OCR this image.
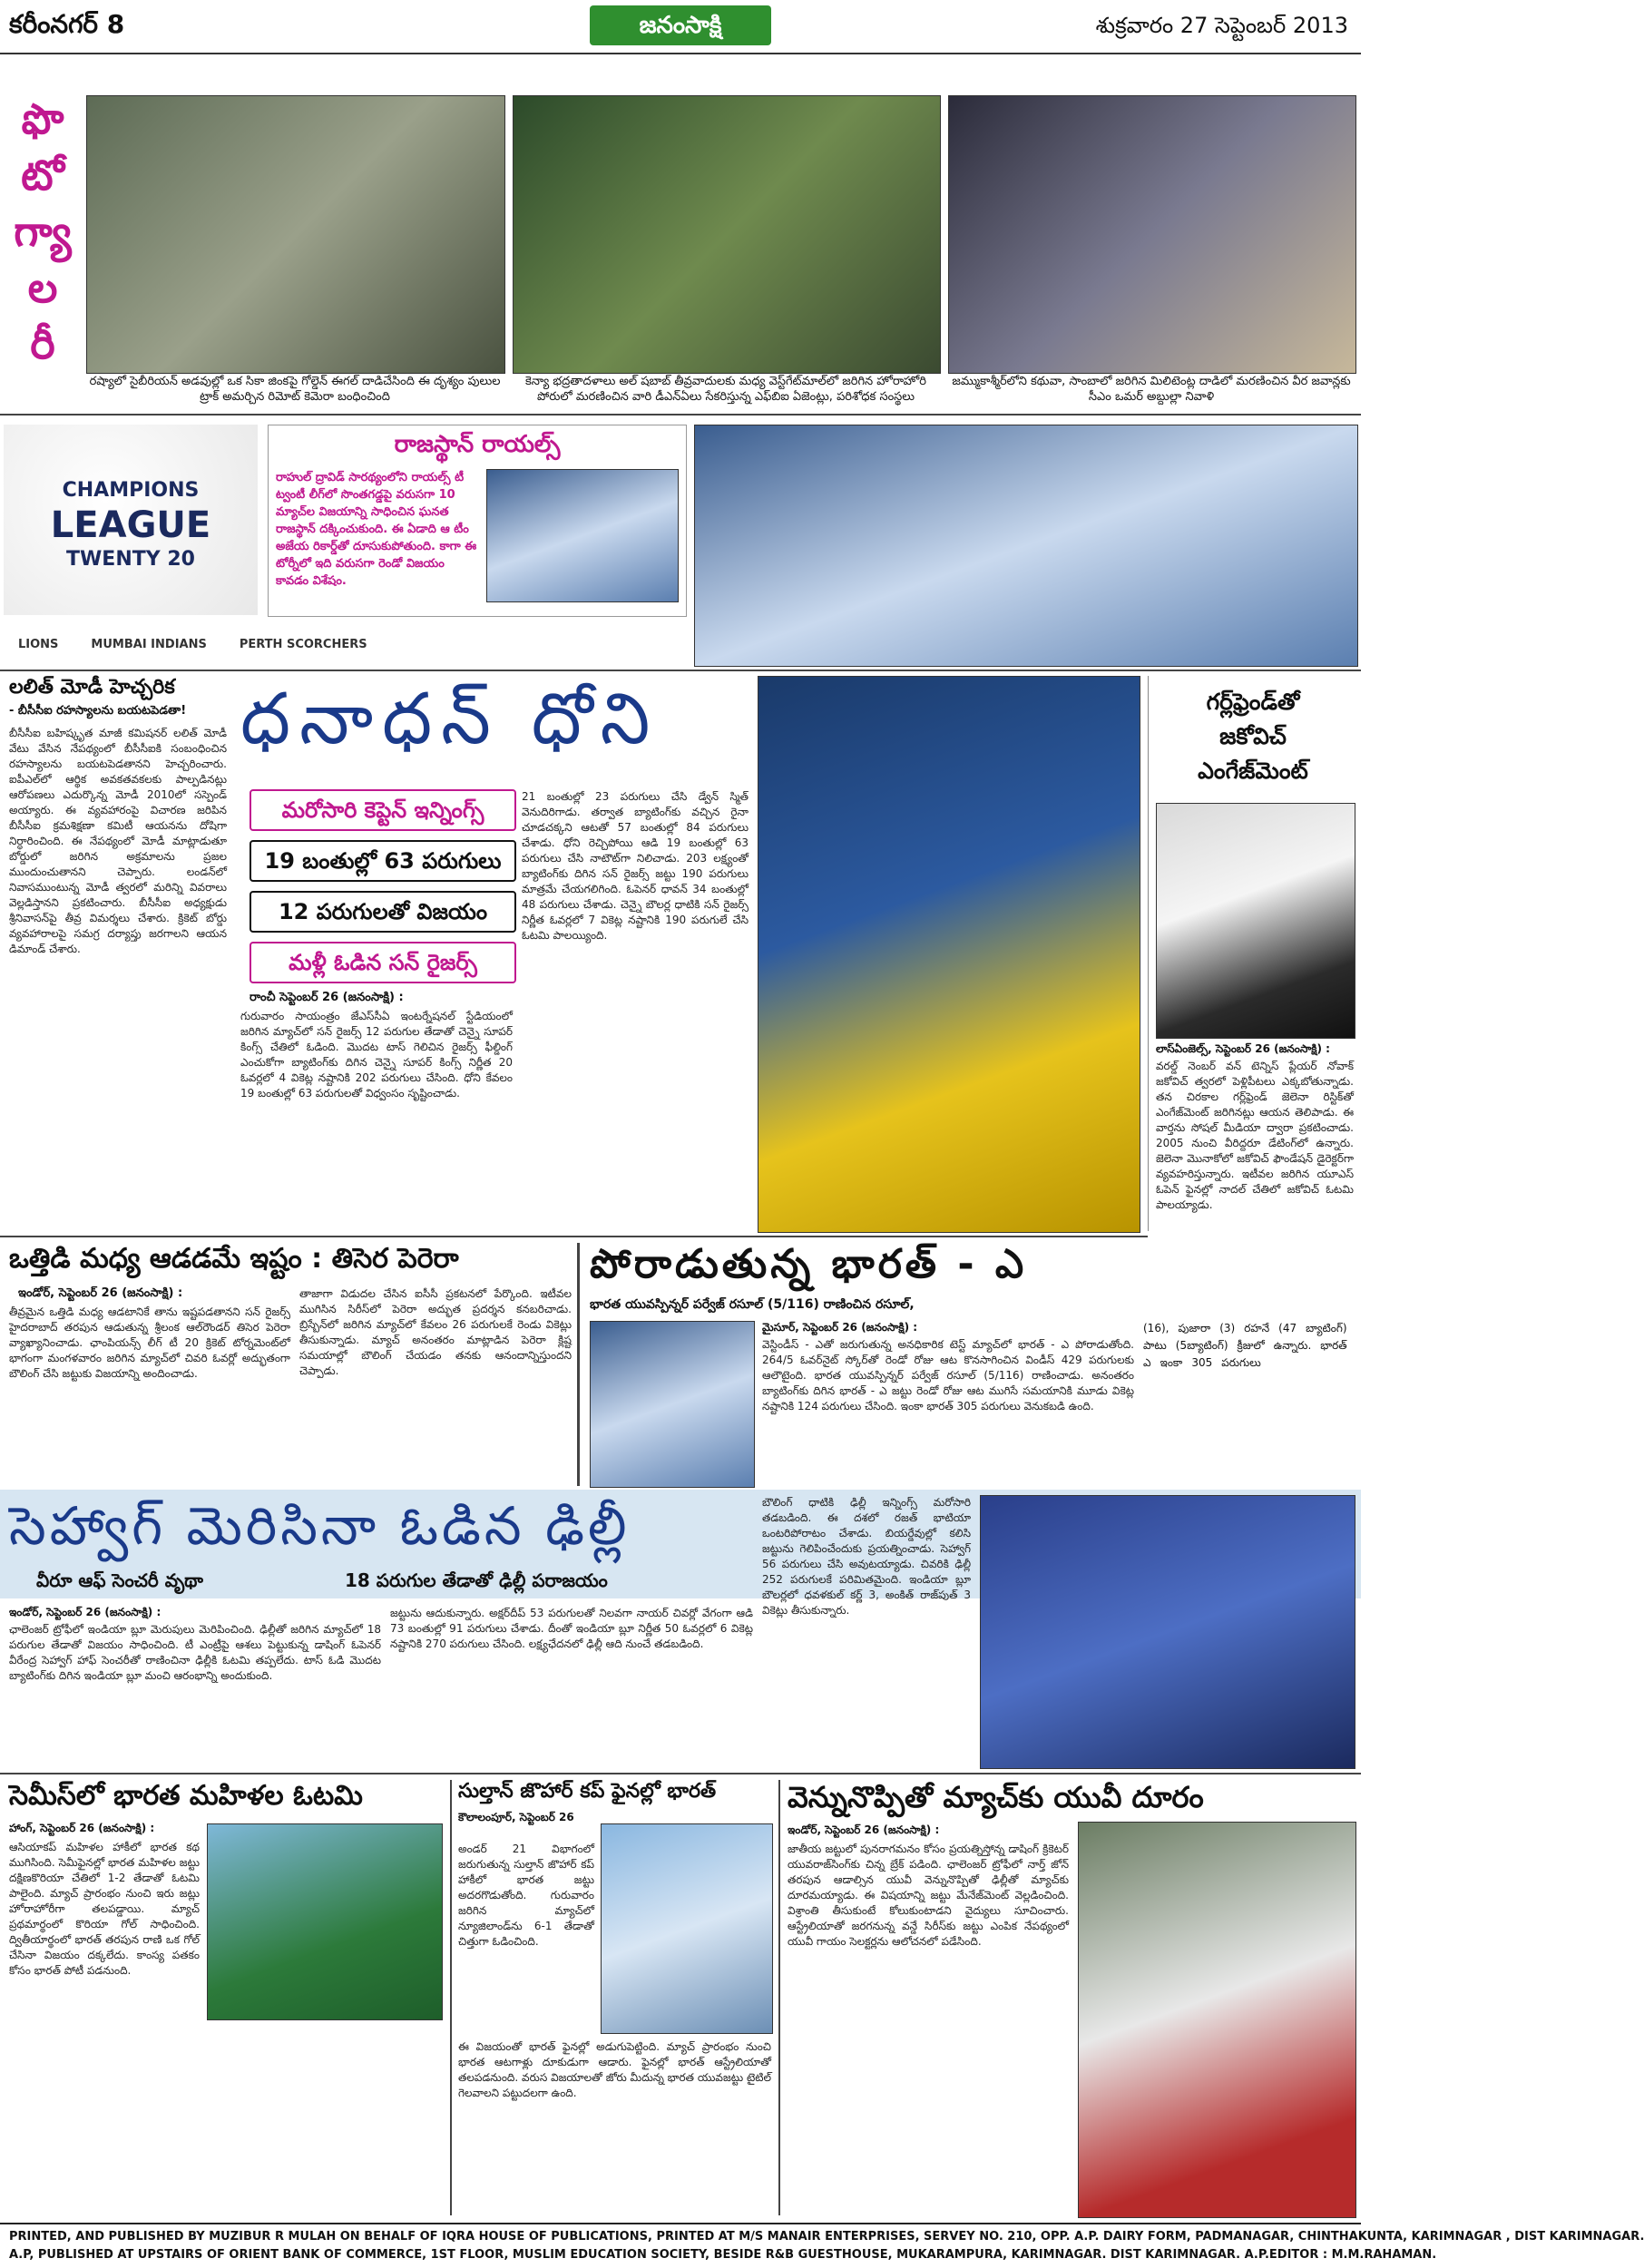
కరీంనగర్ 8	జనంసాక్షి	శుక్రవారం 27 సెప్టెంబర్ 2013
ఫొ
టో
గ్యా
ల
రీ
రష్యాలో సైబీరియన్ అడవుల్లో ఒక సికా జింకపై గోల్డెన్ ఈగల్ దాడిచేసింది ఈ దృశ్యం పులుల ట్రాక్ అమర్చిన రిమోట్ కెమెరా బంధించింది
కెన్యా భద్రతాదళాలు అల్ షబాబ్ తీవ్రవాదులకు మధ్య వెస్ట్‌గేట్‌మాల్‌లో జరిగిన హోరాహోరి పోరులో మరణించిన వారి డీఎన్ఏలు సేకరిస్తున్న ఎఫ్‌బిఐ ఏజెంట్లు, పరిశోధక సంస్థలు
జమ్ముకాశ్మీర్‌లోని కథువా, సాంబాలో జరిగిన మిలిటెంట్ల దాడిలో మరణించిన వీర జవాన్లకు సీఎం ఒమర్ అబ్దుల్లా నివాళి
CHAMPIONS
LEAGUE
TWENTY 20
LIONS	MUMBAI INDIANS	PERTH SCORCHERS
రాజస్థాన్ రాయల్స్
రాహుల్ ద్రావిడ్ సారథ్యంలోని రాయల్స్ టీ ట్వంటీ లీగ్‌లో సొంతగడ్డపై వరుసగా 10 మ్యాచ్‌ల విజయాన్ని సాధించిన ఘనత రాజస్థాన్ దక్కించుకుంది. ఈ ఏడాది ఆ టీం అజేయ రికార్డ్‌తో దూసుకుపోతుంది. కాగా ఈ టోర్నీలో ఇది వరుసగా రెండో విజయం కావడం విశేషం.
లలిత్ మోడీ హెచ్చరిక
- బీసీసీఐ రహస్యాలను బయటపెడతా!
బీసీసీఐ బహిష్కృత మాజీ కమిషనర్ లలిత్ మోడీ వేటు వేసిన నేపథ్యంలో బీసీసీఐకి సంబంధించిన రహస్యాలను బయటపెడతానని హెచ్చరించారు. ఐపీఎల్‌లో ఆర్థిక అవకతవకలకు పాల్పడినట్లు ఆరోపణలు ఎదుర్కొన్న మోడీ 2010లో సస్పెండ్ అయ్యారు. ఈ వ్యవహారంపై విచారణ జరిపిన బీసీసీఐ క్రమశిక్షణా కమిటీ ఆయనను దోషిగా నిర్ధారించింది. ఈ నేపథ్యంలో మోడీ మాట్లాడుతూ బోర్డులో జరిగిన అక్రమాలను ప్రజల ముందుంచుతానని చెప్పారు. లండన్‌లో నివాసముంటున్న మోడీ త్వరలో మరిన్ని వివరాలు వెల్లడిస్తానని ప్రకటించారు. బీసీసీఐ అధ్యక్షుడు శ్రీనివాసన్‌పై తీవ్ర విమర్శలు చేశారు. క్రికెట్ బోర్డు వ్యవహారాలపై సమగ్ర దర్యాప్తు జరగాలని ఆయన డిమాండ్ చేశారు.
ధనాధన్ ధోని
మరోసారి కెప్టెన్ ఇన్నింగ్స్
19 బంతుల్లో 63 పరుగులు
12 పరుగులతో విజయం
మళ్లీ ఓడిన సన్ రైజర్స్
రాంచీ సెప్టెంబర్ 26 (జనంసాక్షి) :
గురువారం సాయంత్రం జేఎస్‌సీఏ ఇంటర్నేషనల్ స్టేడియంలో జరిగిన మ్యాచ్‌లో సన్ రైజర్స్ 12 పరుగుల తేడాతో చెన్నై సూపర్ కింగ్స్ చేతిలో ఓడింది. మొదట టాస్ గెలిచిన రైజర్స్ ఫీల్డింగ్ ఎంచుకోగా బ్యాటింగ్‌కు దిగిన చెన్నై సూపర్ కింగ్స్ నిర్ణీత 20 ఓవర్లలో 4 వికెట్ల నష్టానికి 202 పరుగులు చేసింది. ధోని కేవలం 19 బంతుల్లో 63 పరుగులతో విధ్వంసం సృష్టించాడు.
21 బంతుల్లో 23 పరుగులు చేసి డ్వేన్ స్మిత్ వెనుదిరిగాడు. తర్వాత బ్యాటింగ్‌కు వచ్చిన రైనా చూడచక్కని ఆటతో 57 బంతుల్లో 84 పరుగులు చేశాడు. ధోని రెచ్చిపోయి ఆడి 19 బంతుల్లో 63 పరుగులు చేసి నాటౌట్‌గా నిలిచాడు. 203 లక్ష్యంతో బ్యాటింగ్‌కు దిగిన సన్ రైజర్స్ జట్టు 190 పరుగులు మాత్రమే చేయగలిగింది. ఓపెనర్ ధావన్ 34 బంతుల్లో 48 పరుగులు చేశాడు. చెన్నై బౌలర్ల ధాటికి సన్ రైజర్స్ నిర్ణీత ఓవర్లలో 7 వికెట్ల నష్టానికి 190 పరుగులే చేసి ఓటమి పాలయ్యింది.
గర్ల్‌ఫ్రెండ్‌తో
జకోవిచ్
ఎంగేజ్‌మెంట్
లాస్‌ఏంజెల్స్, సెప్టెంబర్ 26 (జనంసాక్షి) :
వరల్డ్ నెంబర్ వన్ టెన్నిస్ ప్లేయర్ నోవాక్ జకోవిచ్ త్వరలో పెళ్లిపీటలు ఎక్కబోతున్నాడు. తన చిరకాల గర్ల్‌ఫ్రెండ్ జెలెనా రిస్టిక్‌తో ఎంగేజ్‌మెంట్ జరిగినట్లు ఆయన తెలిపాడు. ఈ వార్తను సోషల్ మీడియా ద్వారా ప్రకటించాడు. 2005 నుంచి వీరిద్దరూ డేటింగ్‌లో ఉన్నారు. జెలెనా మొనాకోలో జకోవిచ్ ఫౌండేషన్ డైరెక్టర్‌గా వ్యవహరిస్తున్నారు. ఇటీవల జరిగిన యూఎస్ ఓపెన్ ఫైనల్లో నాదల్ చేతిలో జకోవిచ్ ఓటమి పాలయ్యాడు.
ఒత్తిడి మధ్య ఆడడమే ఇష్టం : తిసెర పెరెరా
ఇండోర్, సెప్టెంబర్ 26 (జనంసాక్షి) :
తీవ్రమైన ఒత్తిడి మధ్య ఆడటానికే తాను ఇష్టపడతానని సన్ రైజర్స్ హైదరాబాద్ తరపున ఆడుతున్న శ్రీలంక ఆల్‌రౌండర్ తిసెర పెరెరా వ్యాఖ్యానించాడు. ఛాంపియన్స్ లీగ్ టీ 20 క్రికెట్ టోర్నమెంట్‌లో భాగంగా మంగళవారం జరిగిన మ్యాచ్‌లో చివరి ఓవర్లో అద్భుతంగా బౌలింగ్ చేసి జట్టుకు విజయాన్ని అందించాడు.
తాజాగా విడుదల చేసిన ఐసీసీ ప్రకటనలో పేర్కొంది. ఇటీవల ముగిసిన సిరీస్‌లో పెరెరా అద్భుత ప్రదర్శన కనబరిచాడు. బ్రిస్బేన్‌లో జరిగిన మ్యాచ్‌లో కేవలం 26 పరుగులకే రెండు వికెట్లు తీసుకున్నాడు. మ్యాచ్ అనంతరం మాట్లాడిన పెరెరా క్లిష్ట సమయాల్లో బౌలింగ్ చేయడం తనకు ఆనందాన్నిస్తుందని చెప్పాడు.
పోరాడుతున్న భారత్ - ఎ
భారత యువస్పిన్నర్ పర్వేజ్ రసూల్ (5/116) రాణించిన రసూల్,
మైసూర్, సెప్టెంబర్ 26 (జనంసాక్షి) :
వెస్టిండీస్ - ఎతో జరుగుతున్న అనధికారిక టెస్ట్ మ్యాచ్‌లో భారత్ - ఎ పోరాడుతోంది. 264/5 ఓవర్‌నైట్ స్కోర్‌తో రెండో రోజు ఆట కొనసాగించిన విండీస్ 429 పరుగులకు ఆలౌటైంది. భారత యువస్పిన్నర్ పర్వేజ్ రసూల్ (5/116) రాణించాడు. అనంతరం బ్యాటింగ్‌కు దిగిన భారత్ - ఎ జట్టు రెండో రోజు ఆట ముగిసే సమయానికి మూడు వికెట్ల నష్టానికి 124 పరుగులు చేసింది. ఇంకా భారత్ 305 పరుగులు వెనుకబడి ఉంది.
(16), పుజారా (3) రహనే (47 బ్యాటింగ్)
పాటు (5బ్యాటింగ్) క్రీజులో ఉన్నారు. భారత్
ఎ ఇంకా 305 పరుగులు
సెహ్వాగ్ మెరిసినా ఓడిన ఢిల్లీ
వీరూ ఆఫ్ సెంచరీ వృథా	18 పరుగుల తేడాతో ఢిల్లీ పరాజయం
ఇండోర్, సెప్టెంబర్ 26 (జనంసాక్షి) :
ఛాలెంజర్ ట్రోఫీలో ఇండియా బ్లూ మెరుపులు మెరిపించింది. ఢిల్లీతో జరిగిన మ్యాచ్‌లో 18 పరుగుల తేడాతో విజయం సాధించింది. టీ ఎంట్రీపై ఆశలు పెట్టుకున్న డాషింగ్ ఓపెనర్ వీరేంద్ర సెహ్వాగ్ హాఫ్ సెంచరీతో రాణించినా ఢిల్లీకి ఓటమి తప్పలేదు. టాస్ ఓడి మొదట బ్యాటింగ్‌కు దిగిన ఇండియా బ్లూ మంచి ఆరంభాన్ని అందుకుంది.
జట్టును ఆదుకున్నారు. అక్షర్‌దీప్ 53 పరుగులతో నిలవగా నాయర్ చివర్లో వేగంగా ఆడి 73 బంతుల్లో 91 పరుగులు చేశాడు. దీంతో ఇండియా బ్లూ నిర్ణీత 50 ఓవర్లలో 6 వికెట్ల నష్టానికి 270 పరుగులు చేసింది. లక్ష్యఛేదనలో ఢిల్లీ ఆది నుంచే తడబడింది.
బౌలింగ్ ధాటికి ఢిల్లీ ఇన్నింగ్స్ మరోసారి తడబడింది. ఈ దశలో రజత్ భాటియా ఒంటరిపోరాటం చేశాడు. బియర్డేవుల్లో కలిసి జట్టును గెలిపించేందుకు ప్రయత్నించాడు. సెహ్వాగ్ 56 పరుగులు చేసి అవుటయ్యాడు. చివరికి ఢిల్లీ 252 పరుగులకే పరిమితమైంది. ఇండియా బ్లూ బౌలర్లలో ధవళకుల్ కర్ణ్ 3, అంకిత్ రాజ్‌పుత్ 3 వికెట్లు తీసుకున్నారు.
సెమీస్‌లో భారత మహిళల ఓటమి
హాంగ్, సెప్టెంబర్ 26 (జనంసాక్షి) :
ఆసియాకప్ మహిళల హాకీలో భారత కథ ముగిసింది. సెమీఫైనల్లో భారత మహిళల జట్టు దక్షిణకొరియా చేతిలో 1-2 తేడాతో ఓటమి పాలైంది. మ్యాచ్ ప్రారంభం నుంచి ఇరు జట్లు హోరాహోరీగా తలపడ్డాయి. మ్యాచ్ ప్రథమార్థంలో కొరియా గోల్ సాధించింది. ద్వితీయార్థంలో భారత్ తరపున రాణి ఒక గోల్ చేసినా విజయం దక్కలేదు. కాంస్య పతకం కోసం భారత్ పోటీ పడనుంది.
సుల్తాన్ జొహార్ కప్ ఫైనల్లో భారత్
కౌలాలంపూర్, సెప్టెంబర్ 26
అండర్ 21 విభాగంలో జరుగుతున్న సుల్తాన్ జొహార్ కప్ హాకీలో భారత జట్టు అదరగొడుతోంది. గురువారం జరిగిన మ్యాచ్‌లో న్యూజిలాండ్‌ను 6-1 తేడాతో చిత్తుగా ఓడించింది.
ఈ విజయంతో భారత్ ఫైనల్లో అడుగుపెట్టింది. మ్యాచ్ ప్రారంభం నుంచి భారత ఆటగాళ్లు దూకుడుగా ఆడారు. ఫైనల్లో భారత్ ఆస్ట్రేలియాతో తలపడనుంది. వరుస విజయాలతో జోరు మీదున్న భారత యువజట్టు టైటిల్ గెలవాలని పట్టుదలగా ఉంది.
వెన్నునొప్పితో మ్యాచ్‌కు యువీ దూరం
ఇండోర్, సెప్టెంబర్ 26 (జనంసాక్షి) :
జాతీయ జట్టులో పునరాగమనం కోసం ప్రయత్నిస్తోన్న డాషింగ్ క్రికెటర్ యువరాజ్‌సింగ్‌కు చిన్న బ్రేక్ పడింది. ఛాలెంజర్ ట్రోఫీలో నార్త్ జోన్ తరపున ఆడాల్సిన యువీ వెన్నునొప్పితో ఢిల్లీతో మ్యాచ్‌కు దూరమయ్యాడు. ఈ విషయాన్ని జట్టు మేనేజ్‌మెంట్ వెల్లడించింది. విశ్రాంతి తీసుకుంటే కోలుకుంటాడని వైద్యులు సూచించారు. ఆస్ట్రేలియాతో జరగనున్న వన్డే సిరీస్‌కు జట్టు ఎంపిక నేపథ్యంలో యువీ గాయం సెలక్టర్లను ఆలోచనలో పడేసింది.
PRINTED, AND PUBLISHED BY MUZIBUR R MULAH ON BEHALF OF IQRA HOUSE OF PUBLICATIONS, PRINTED AT M/S MANAIR ENTERPRISES, SERVEY NO. 210, OPP. A.P. DAIRY FORM, PADMANAGAR, CHINTHAKUNTA, KARIMNAGAR , DIST KARIMNAGAR.
A.P, PUBLISHED AT UPSTAIRS OF ORIENT BANK OF COMMERCE, 1ST FLOOR, MUSLIM EDUCATION SOCIETY, BESIDE R&B GUESTHOUSE, MUKARAMPURA, KARIMNAGAR. DIST KARIMNAGAR. A.P.EDITOR : M.M.RAHAMAN.
